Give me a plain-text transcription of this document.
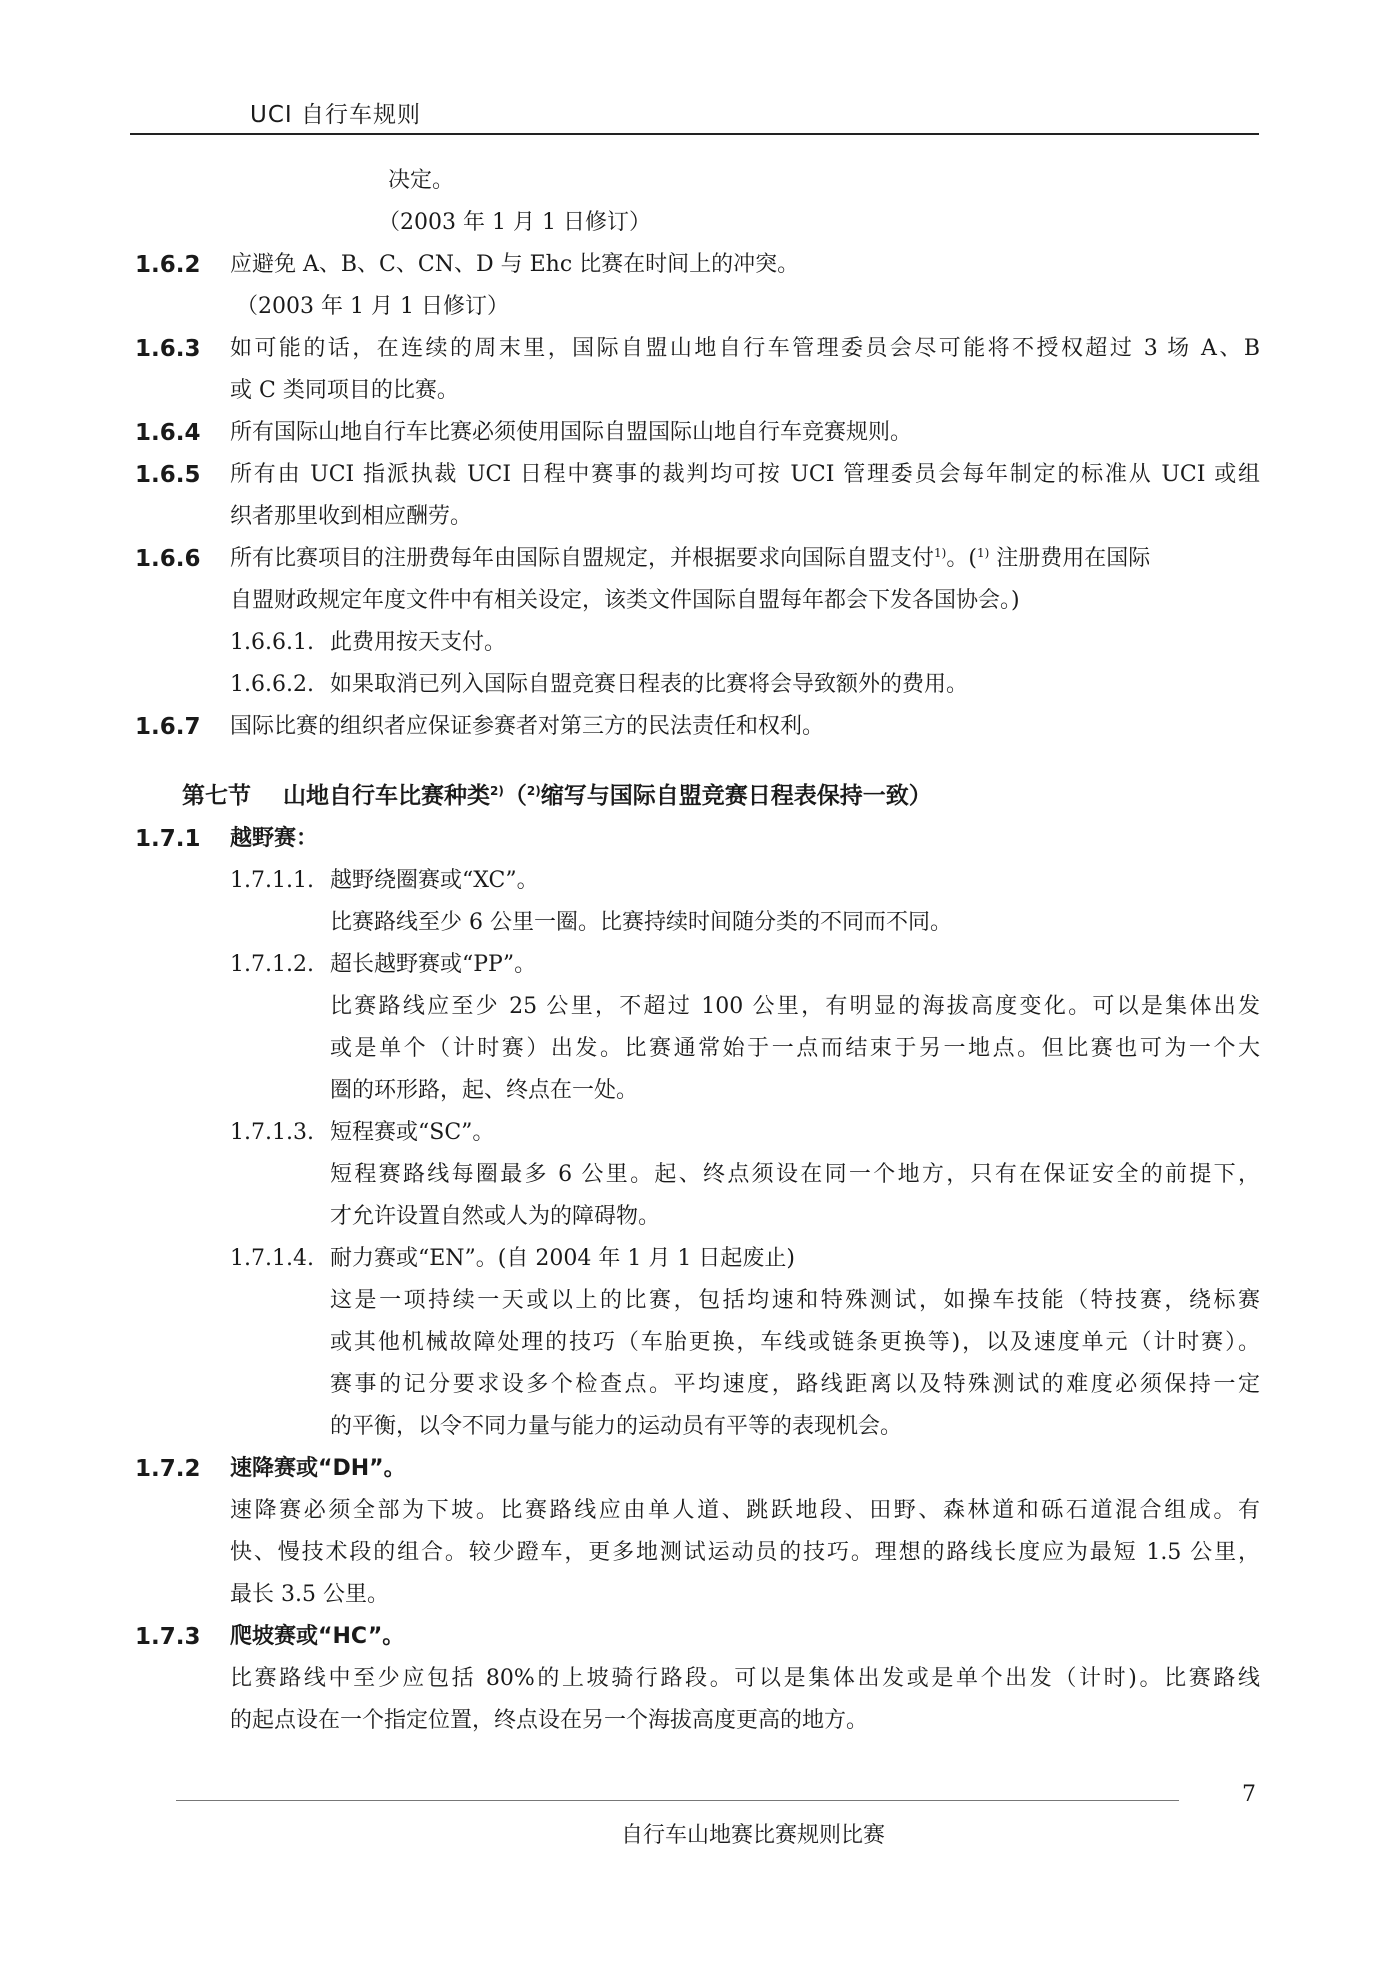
UCI 自行车规则
决定。
（2003 年 1 月 1 日修订）
1.6.2 应避免 A、B、C、CN、D 与 Ehc 比赛在时间上的冲突。
（2003 年 1 月 1 日修订）
1.6.3 如可能的话，在连续的周末里，国际自盟山地自行车管理委员会尽可能将不授权超过 3 场 A、B
或 C 类同项目的比赛。
1.6.4 所有国际山地自行车比赛必须使用国际自盟国际山地自行车竞赛规则。
1.6.5 所有由 UCI 指派执裁 UCI 日程中赛事的裁判均可按 UCI 管理委员会每年制定的标准从 UCI 或组
织者那里收到相应酬劳。
1.6.6 所有比赛项目的注册费每年由国际自盟规定，并根据要求向国际自盟支付$^{1)}$。($^{1)}$ 注册费用在国际
自盟财政规定年度文件中有相关设定，该类文件国际自盟每年都会下发各国协会。)
1.6.6.1. 此费用按天支付。
1.6.6.2. 如果取消已列入国际自盟竞赛日程表的比赛将会导致额外的费用。
1.6.7 国际比赛的组织者应保证参赛者对第三方的民法责任和权利。
第七节 山地自行车比赛种类$^{2)}$（$^{2)}$缩写与国际自盟竞赛日程表保持一致）
1.7.1 越野赛：
1.7.1.1. 越野绕圈赛或“XC”。
比赛路线至少 6 公里一圈。比赛持续时间随分类的不同而不同。
1.7.1.2. 超长越野赛或“PP”。
比赛路线应至少 25 公里，不超过 100 公里，有明显的海拔高度变化。可以是集体出发
或是单个（计时赛）出发。比赛通常始于一点而结束于另一地点。但比赛也可为一个大
圈的环形路，起、终点在一处。
1.7.1.3. 短程赛或“SC”。
短程赛路线每圈最多 6 公里。起、终点须设在同一个地方，只有在保证安全的前提下，
才允许设置自然或人为的障碍物。
1.7.1.4. 耐力赛或“EN”。(自 2004 年 1 月 1 日起废止)
这是一项持续一天或以上的比赛，包括均速和特殊测试，如操车技能（特技赛，绕标赛
或其他机械故障处理的技巧（车胎更换，车线或链条更换等)，以及速度单元（计时赛）。
赛事的记分要求设多个检查点。平均速度，路线距离以及特殊测试的难度必须保持一定
的平衡，以令不同力量与能力的运动员有平等的表现机会。
1.7.2 速降赛或“DH”。
速降赛必须全部为下坡。比赛路线应由单人道、跳跃地段、田野、森林道和砾石道混合组成。有
快、慢技术段的组合。较少蹬车，更多地测试运动员的技巧。理想的路线长度应为最短 1.5 公里，
最长 3.5 公里。
1.7.3 爬坡赛或“HC”。
比赛路线中至少应包括 80%的上坡骑行路段。可以是集体出发或是单个出发（计时)。比赛路线
的起点设在一个指定位置，终点设在另一个海拔高度更高的地方。
7
自行车山地赛比赛规则比赛
